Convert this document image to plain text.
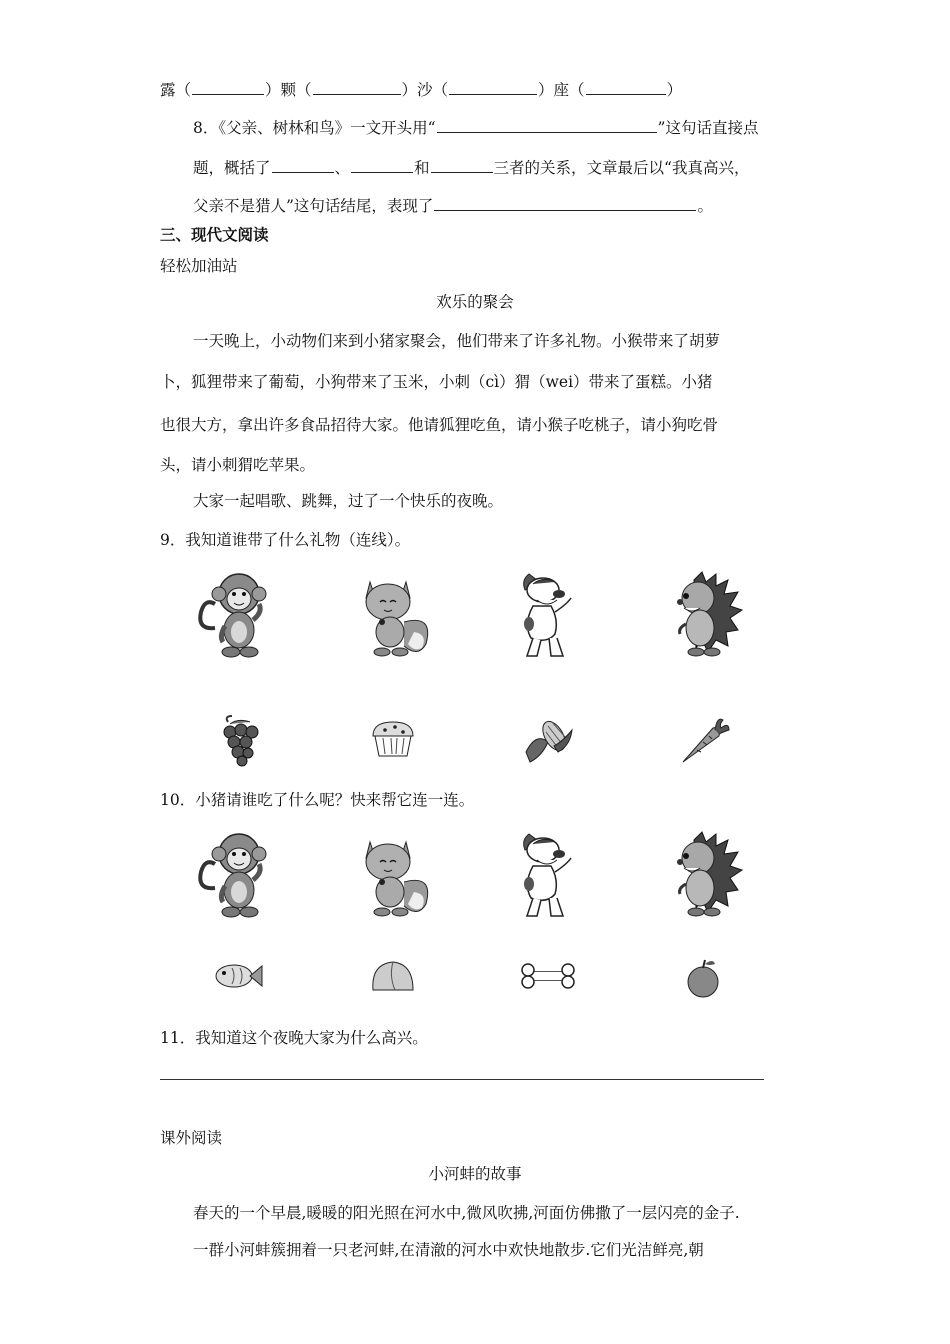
露（	）颗（	）沙（	）座（	）
8．《父亲、树林和鸟》一文开头用“	”这句话直接点
题，概括了	、	和	三者的关系，文章最后以“我真高兴，
父亲不是猎人”这句话结尾，表现了	。
三、现代文阅读
轻松加油站
欢乐的聚会
一天晚上，小动物们来到小猪家聚会，他们带来了许多礼物。小猴带来了胡萝
卜，狐狸带来了葡萄，小狗带来了玉米，小刺（cì）猬（wei）带来了蛋糕。小猪
也很大方，拿出许多食品招待大家。他请狐狸吃鱼，请小猴子吃桃子，请小狗吃骨
头，请小刺猬吃苹果。
大家一起唱歌、跳舞，过了一个快乐的夜晚。
9．我知道谁带了什么礼物（连线）。
10．小猪请谁吃了什么呢？快来帮它连一连。
11．我知道这个夜晚大家为什么高兴。
课外阅读
小河蚌的故事
春天的一个早晨,暖暖的阳光照在河水中,微风吹拂,河面仿佛撒了一层闪亮的金子.
一群小河蚌簇拥着一只老河蚌,在清澈的河水中欢快地散步.它们光洁鲜亮,朝
